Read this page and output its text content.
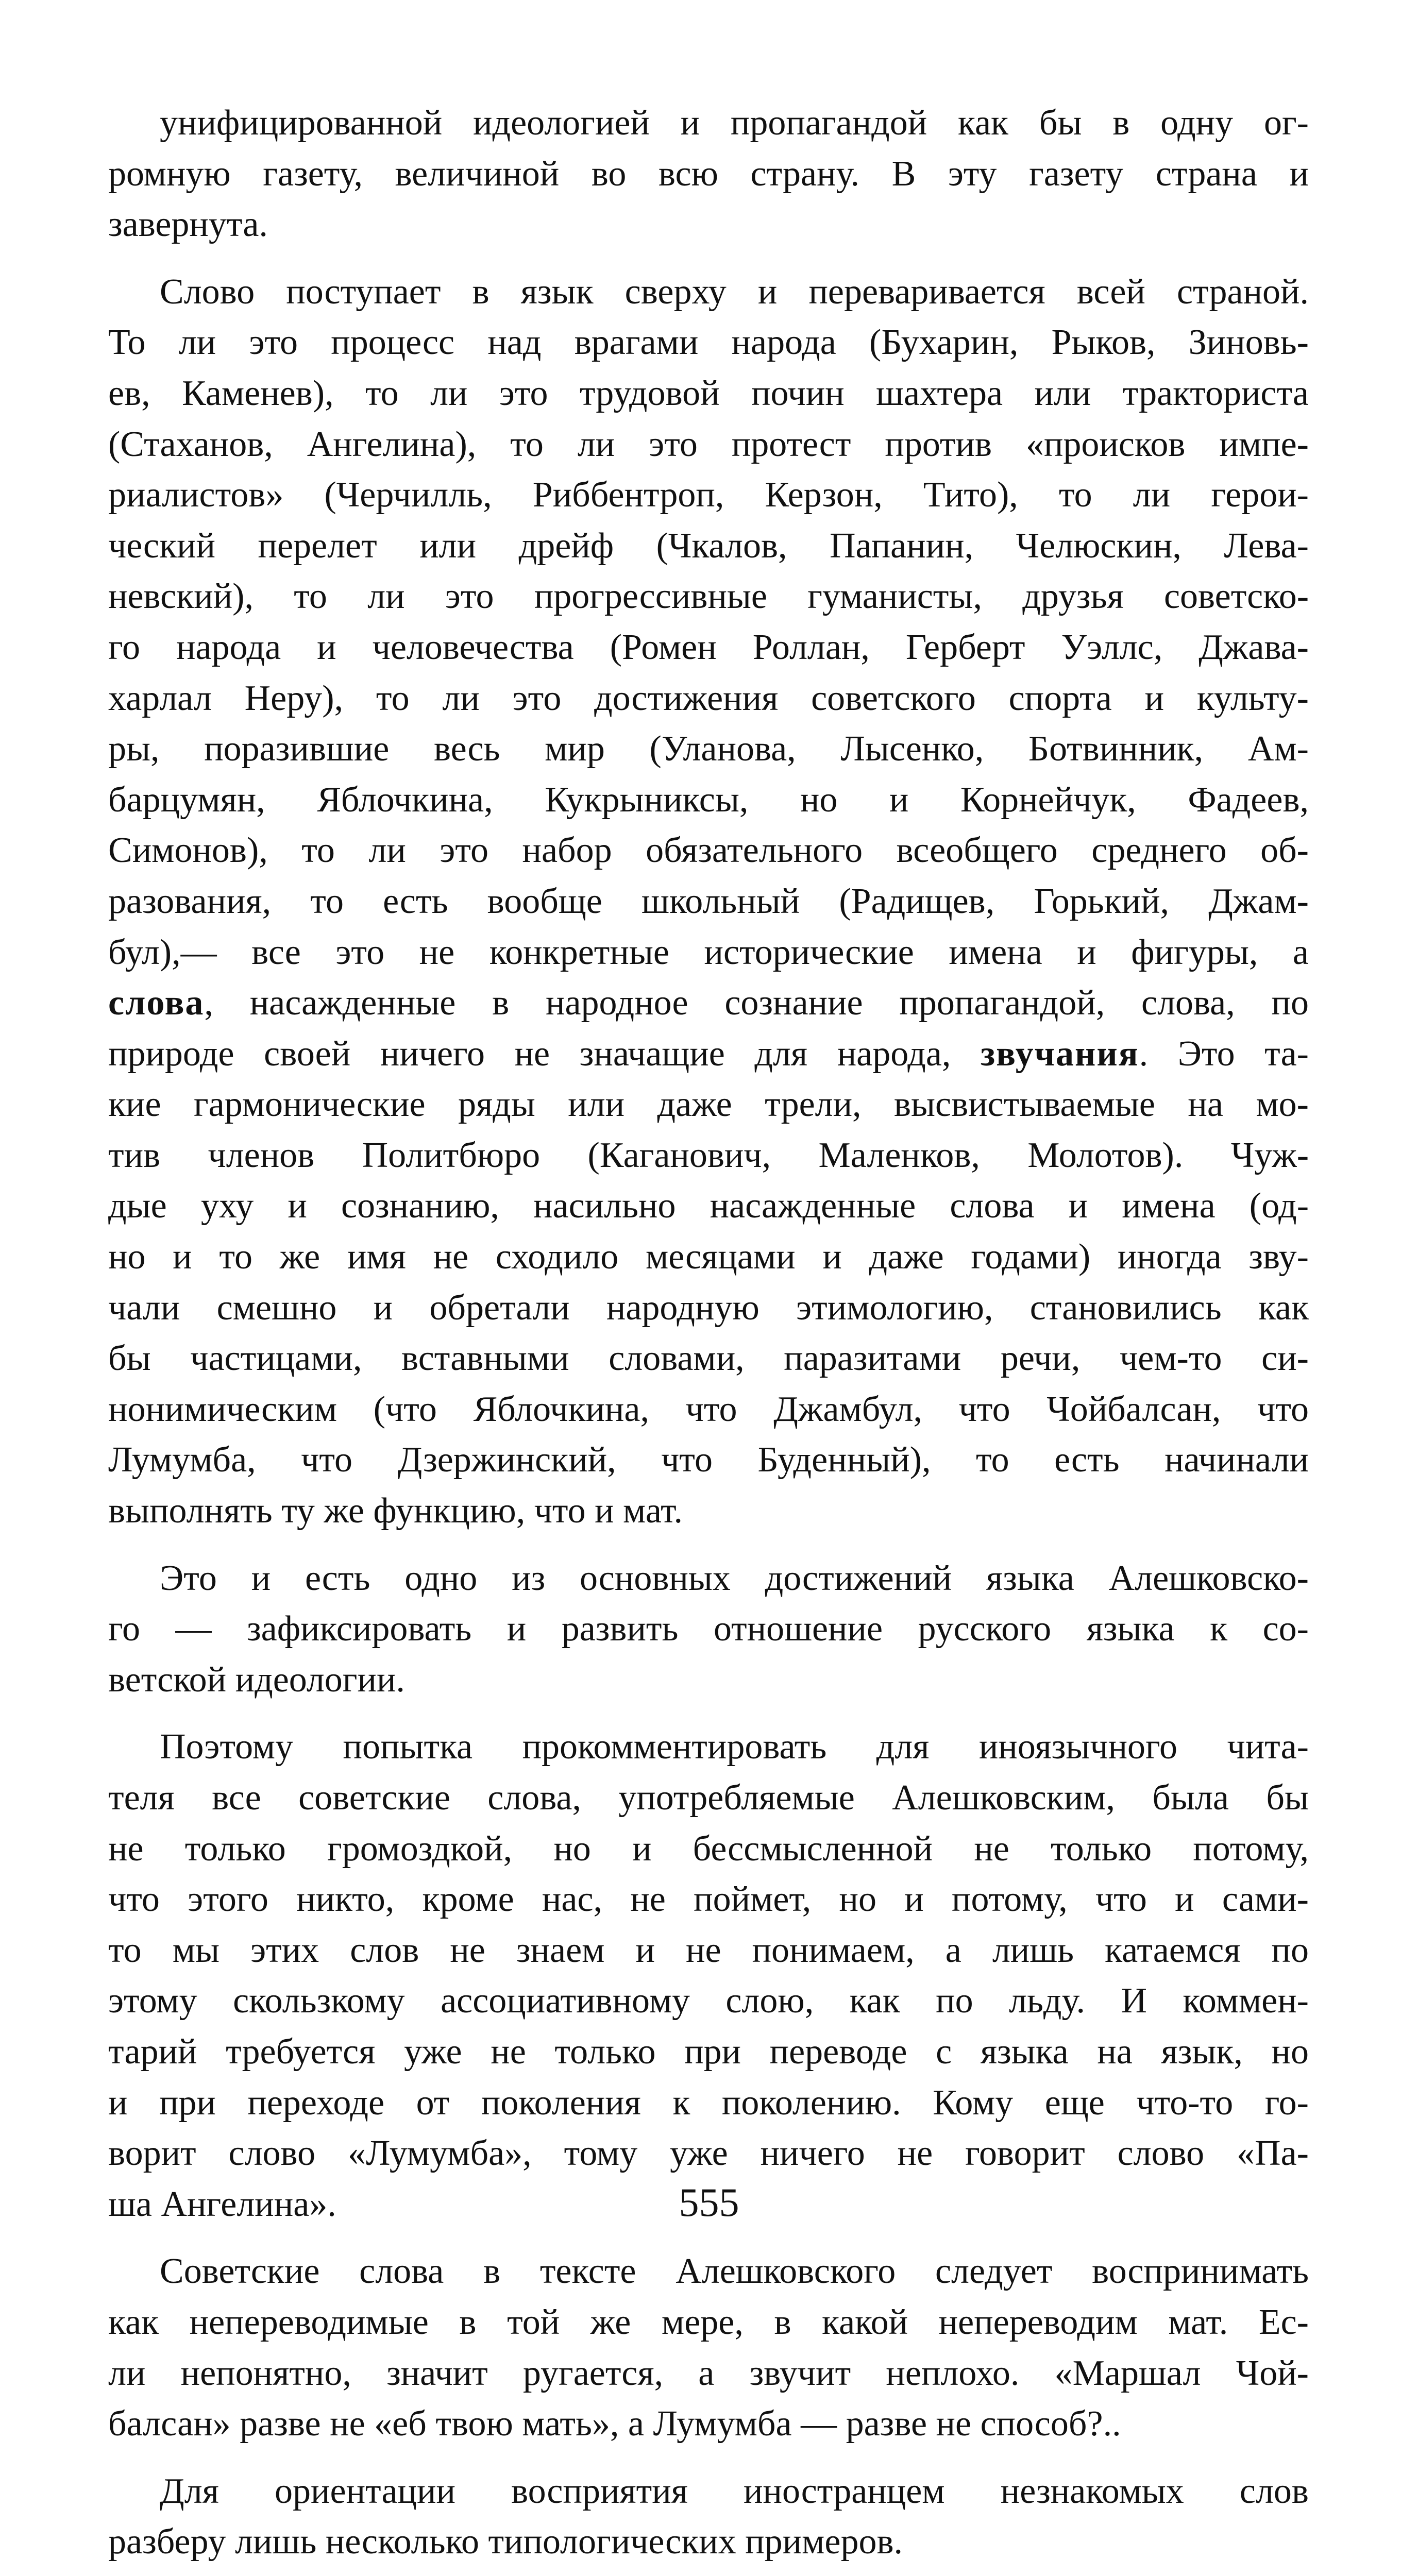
унифицированной идеологией и пропагандой как бы в одну ог-
ромную газету, величиной во всю страну. В эту газету страна и
завернута.

Слово поступает в язык сверху и переваривается всей страной.
То ли это процесс над врагами народа (Бухарин, Рыков, Зиновь-
ев, Каменев), то ли это трудовой почин шахтера или тракториста
(Стаханов, Ангелина), то ли это протест против «происков импе-
риалистов» (Черчилль, Риббентроп, Керзон, Тито), то ли герои-
ческий перелет или дрейф (Чкалов, Папанин, Челюскин, Лева-
невский), то ли это прогрессивные гуманисты, друзья советско-
го народа и человечества (Ромен Роллан, Герберт Уэллс, Джава-
харлал Неру), то ли это достижения советского спорта и культу-
ры, поразившие весь мир (Уланова, Лысенко, Ботвинник, Ам-
барцумян, Яблочкина, Кукрыниксы, но и Корнейчук, Фадеев,
Симонов), то ли это набор обязательного всеобщего среднего об-
разования, то есть вообще школьный (Радищев, Горький, Джам-
бул),— все это не конкретные исторические имена и фигуры, а
слова, насажденные в народное сознание пропагандой, слова, по
природе своей ничего не значащие для народа, звучания. Это та-
кие гармонические ряды или даже трели, высвистываемые на мо-
тив членов Политбюро (Каганович, Маленков, Молотов). Чуж-
дые уху и сознанию, насильно насажденные слова и имена (од-
но и то же имя не сходило месяцами и даже годами) иногда зву-
чали смешно и обретали народную этимологию, становились как
бы частицами, вставными словами, паразитами речи, чем-то си-
нонимическим (что Яблочкина, что Джамбул, что Чойбалсан, что
Лумумба, что Дзержинский, что Буденный), то есть начинали
выполнять ту же функцию, что и мат.

Это и есть одно из основных достижений языка Алешковско-
го — зафиксировать и развить отношение русского языка к со-
ветской идеологии.

Поэтому попытка прокомментировать для иноязычного чита-
теля все советские слова, употребляемые Алешковским, была бы
не только громоздкой, но и бессмысленной не только потому,
что этого никто, кроме нас, не поймет, но и потому, что и сами-
то мы этих слов не знаем и не понимаем, а лишь катаемся по
этому скользкому ассоциативному слою, как по льду. И коммен-
тарий требуется уже не только при переводе с языка на язык, но
и при переходе от поколения к поколению. Кому еще что-то го-
ворит слово «Лумумба», тому уже ничего не говорит слово «Па-
ша Ангелина».

Советские слова в тексте Алешковского следует воспринимать
как непереводимые в той же мере, в какой непереводим мат. Ес-
ли непонятно, значит ругается, а звучит неплохо. «Маршал Чой-
балсан» разве не «еб твою мать», а Лумумба — разве не способ?..

Для ориентации восприятия иностранцем незнакомых слов
разберу лишь несколько типологических примеров.

555
